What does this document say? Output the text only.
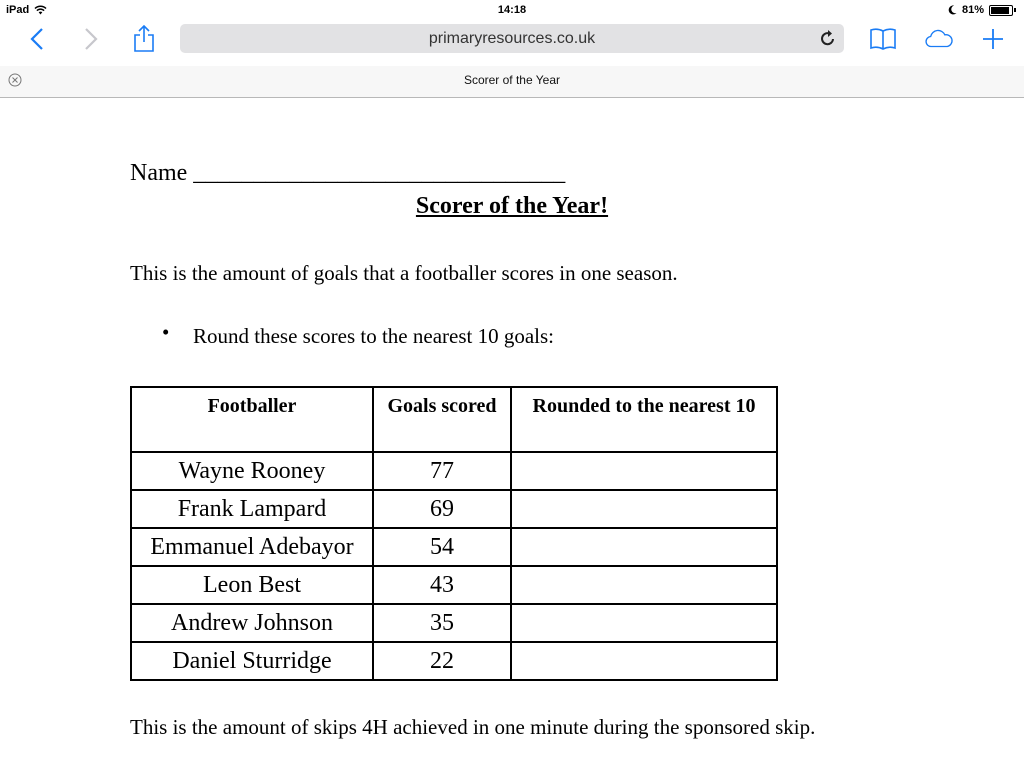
iPad	14:18	81%
primaryresources.co.uk
Scorer of the Year
Name _______________________________
Scorer of the Year!
This is the amount of goals that a footballer scores in one season.
• Round these scores to the nearest 10 goals:
Footballer	Goals scored	Rounded to the nearest 10
Wayne Rooney	77	
Frank Lampard	69	
Emmanuel Adebayor	54	
Leon Best	43	
Andrew Johnson	35	
Daniel Sturridge	22	
This is the amount of skips 4H achieved in one minute during the sponsored skip.
